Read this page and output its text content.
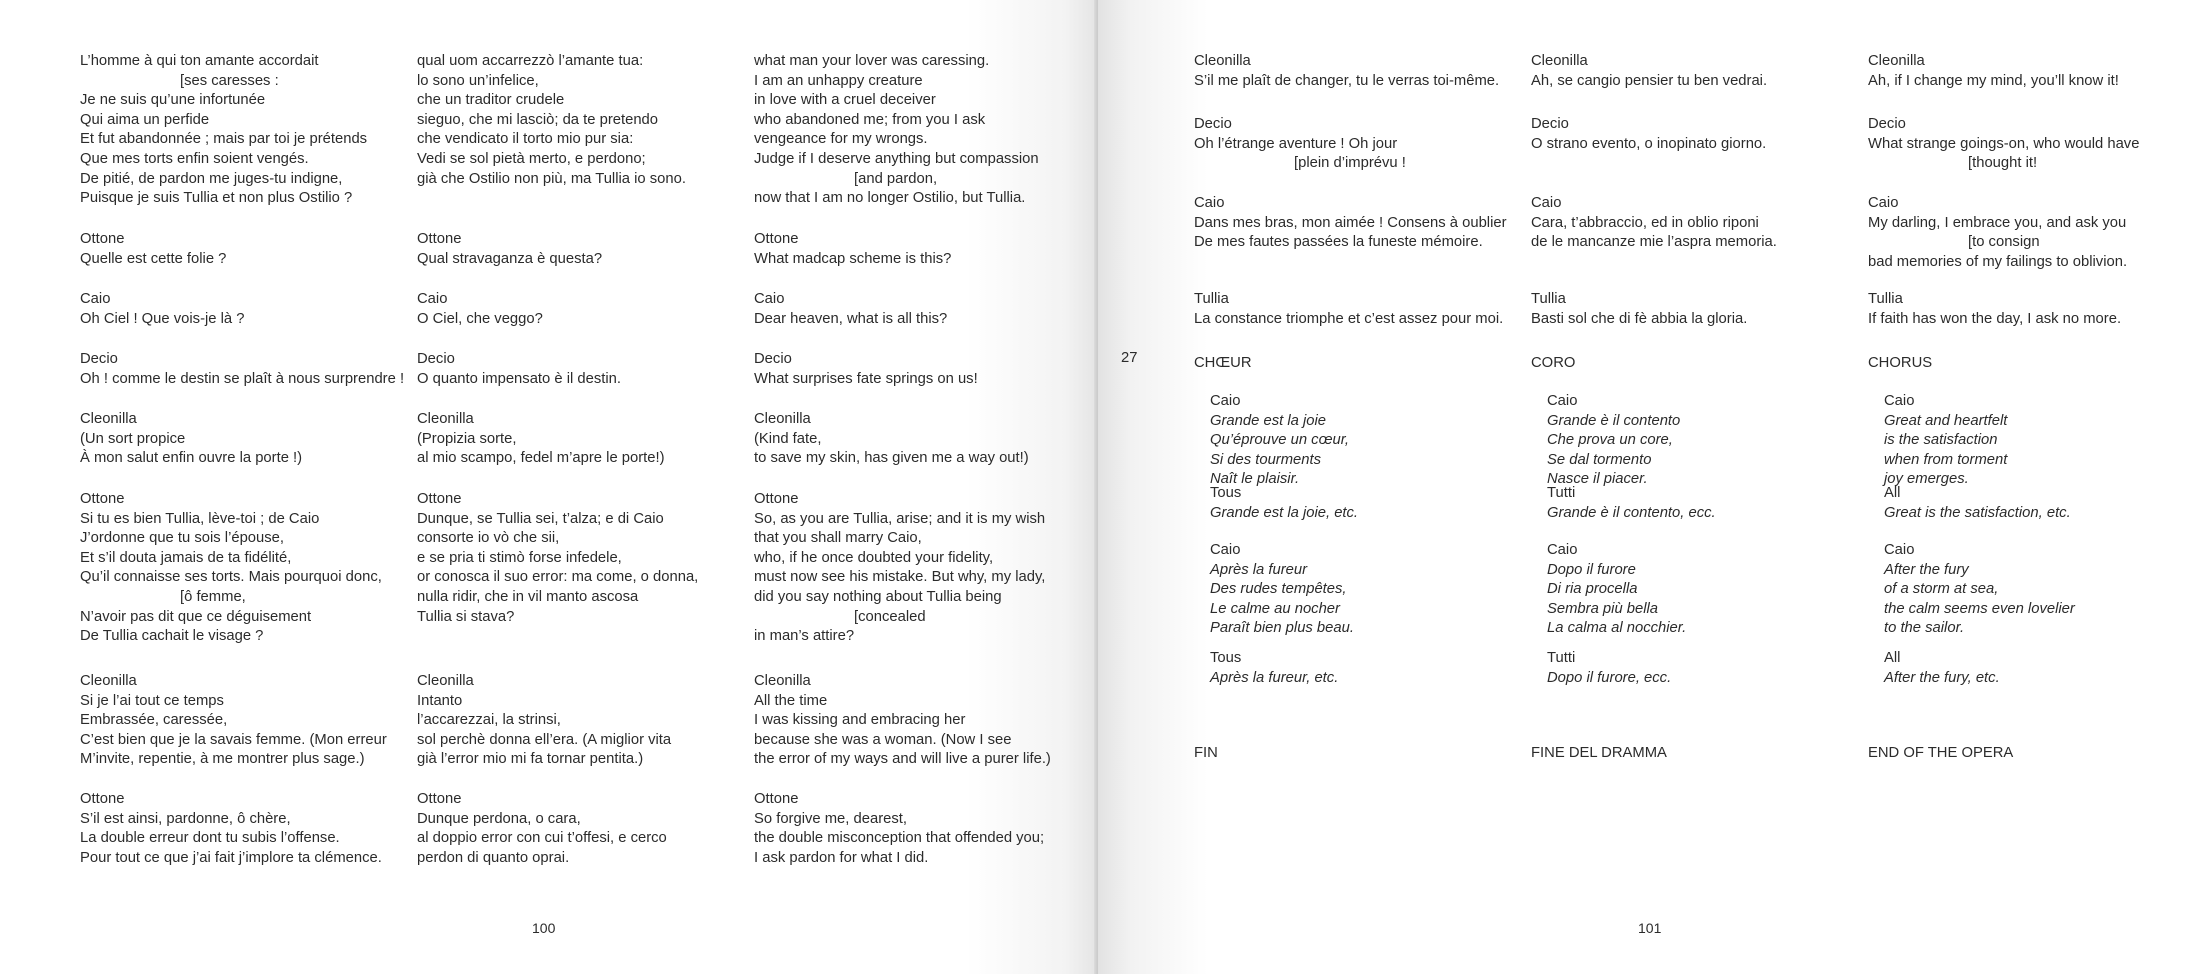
L’homme à qui ton amante accordait
[ses caresses :
Je ne suis qu’une infortunée
Qui aima un perfide
Et fut abandonnée ; mais par toi je prétends
Que mes torts enfin soient vengés.
De pitié, de pardon me juges-tu indigne,
Puisque je suis Tullia et non plus Ostilio ?
Ottone
Quelle est cette folie ?
Caio
Oh Ciel ! Que vois-je là ?
Decio
Oh ! comme le destin se plaît à nous surprendre !
Cleonilla
(Un sort propice
À mon salut enfin ouvre la porte !)
Ottone
Si tu es bien Tullia, lève-toi ; de Caio
J’ordonne que tu sois l’épouse,
Et s’il douta jamais de ta fidélité,
Qu’il connaisse ses torts. Mais pourquoi donc,
[ô femme,
N’avoir pas dit que ce déguisement
De Tullia cachait le visage ?
Cleonilla
Si je l’ai tout ce temps
Embrassée, caressée,
C’est bien que je la savais femme. (Mon erreur
M’invite, repentie, à me montrer plus sage.)
Ottone
S’il est ainsi, pardonne, ô chère,
La double erreur dont tu subis l’offense.
Pour tout ce que j’ai fait j’implore ta clémence.
qual uom accarrezzò l’amante tua:
lo sono un’infelice,
che un traditor crudele
sieguo, che mi lasciò; da te pretendo
che vendicato il torto mio pur sia:
Vedi se sol pietà merto, e perdono;
già che Ostilio non più, ma Tullia io sono.
Ottone
Qual stravaganza è questa?
Caio
O Ciel, che veggo?
Decio
O quanto impensato è il destin.
Cleonilla
(Propizia sorte,
al mio scampo, fedel m’apre le porte!)
Ottone
Dunque, se Tullia sei, t’alza; e di Caio
consorte io vò che sii,
e se pria ti stimò forse infedele,
or conosca il suo error: ma come, o donna,
nulla ridir, che in vil manto ascosa
Tullia si stava?
Cleonilla
Intanto
l’accarezzai, la strinsi,
sol perchè donna ell’era. (A miglior vita
già l’error mio mi fa tornar pentita.)
Ottone
Dunque perdona, o cara,
al doppio error con cui t’offesi, e cerco
perdon di quanto oprai.
what man your lover was caressing.
I am an unhappy creature
in love with a cruel deceiver
who abandoned me; from you I ask
vengeance for my wrongs.
Judge if I deserve anything but compassion
[and pardon,
now that I am no longer Ostilio, but Tullia.
Ottone
What madcap scheme is this?
Caio
Dear heaven, what is all this?
Decio
What surprises fate springs on us!
Cleonilla
(Kind fate,
to save my skin, has given me a way out!)
Ottone
So, as you are Tullia, arise; and it is my wish
that you shall marry Caio,
who, if he once doubted your fidelity,
must now see his mistake. But why, my lady,
did you say nothing about Tullia being
[concealed
in man’s attire?
Cleonilla
All the time
I was kissing and embracing her
because she was a woman. (Now I see
the error of my ways and will live a purer life.)
Ottone
So forgive me, dearest,
the double misconception that offended you;
I ask pardon for what I did.
100
Cleonilla
S’il me plaît de changer, tu le verras toi-même.
Decio
Oh l’étrange aventure ! Oh jour
[plein d’imprévu !
Caio
Dans mes bras, mon aimée ! Consens à oublier
De mes fautes passées la funeste mémoire.
Tullia
La constance triomphe et c’est assez pour moi.
CHŒUR
Caio
Grande est la joie
Qu’éprouve un cœur,
Si des tourments
Naît le plaisir.
Tous
Grande est la joie, etc.
Caio
Après la fureur
Des rudes tempêtes,
Le calme au nocher
Paraît bien plus beau.
Tous
Après la fureur, etc.
FIN
Cleonilla
Ah, se cangio pensier tu ben vedrai.
Decio
O strano evento, o inopinato giorno.
Caio
Cara, t’abbraccio, ed in oblio riponi
de le mancanze mie l’aspra memoria.
Tullia
Basti sol che di fè abbia la gloria.
CORO
Caio
Grande è il contento
Che prova un core,
Se dal tormento
Nasce il piacer.
Tutti
Grande è il contento, ecc.
Caio
Dopo il furore
Di ria procella
Sembra più bella
La calma al nocchier.
Tutti
Dopo il furore, ecc.
FINE DEL DRAMMA
Cleonilla
Ah, if I change my mind, you’ll know it!
Decio
What strange goings-on, who would have
[thought it!
Caio
My darling, I embrace you, and ask you
[to consign
bad memories of my failings to oblivion.
Tullia
If faith has won the day, I ask no more.
CHORUS
Caio
Great and heartfelt
is the satisfaction
when from torment
joy emerges.
All
Great is the satisfaction, etc.
Caio
After the fury
of a storm at sea,
the calm seems even lovelier
to the sailor.
All
After the fury, etc.
END OF THE OPERA
101
27
